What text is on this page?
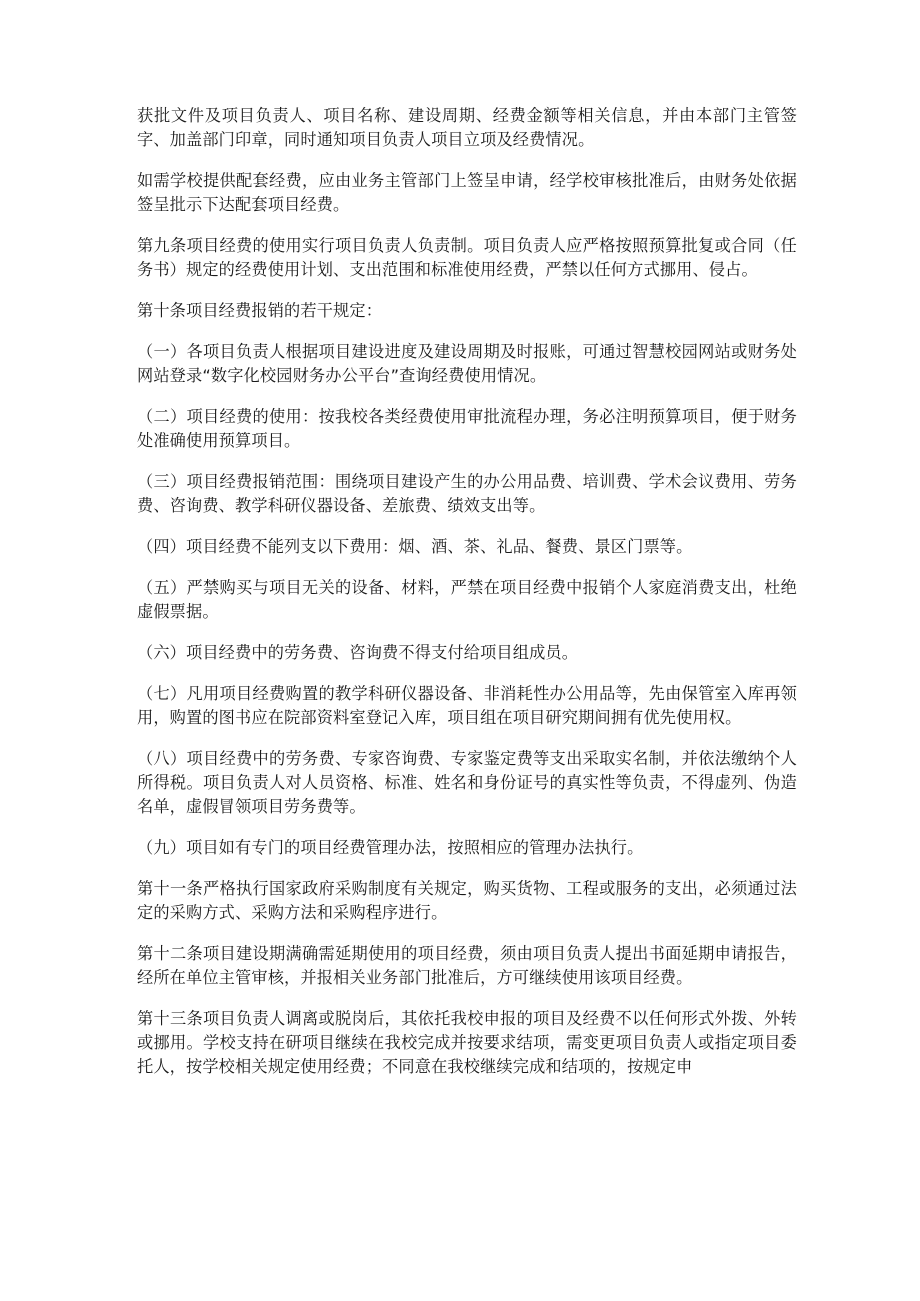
获批文件及项目负责人、项目名称、建设周期、经费金额等相关信息，并由本部门主管签字、加盖部门印章，同时通知项目负责人项目立项及经费情况。

如需学校提供配套经费，应由业务主管部门上签呈申请，经学校审核批准后，由财务处依据签呈批示下达配套项目经费。

第九条项目经费的使用实行项目负责人负责制。项目负责人应严格按照预算批复或合同（任务书）规定的经费使用计划、支出范围和标准使用经费，严禁以任何方式挪用、侵占。

第十条项目经费报销的若干规定：

（一）各项目负责人根据项目建设进度及建设周期及时报账，可通过智慧校园网站或财务处网站登录“数字化校园财务办公平台”查询经费使用情况。

（二）项目经费的使用：按我校各类经费使用审批流程办理，务必注明预算项目，便于财务处准确使用预算项目。

（三）项目经费报销范围：围绕项目建设产生的办公用品费、培训费、学术会议费用、劳务费、咨询费、教学科研仪器设备、差旅费、绩效支出等。

（四）项目经费不能列支以下费用：烟、酒、茶、礼品、餐费、景区门票等。

（五）严禁购买与项目无关的设备、材料，严禁在项目经费中报销个人家庭消费支出，杜绝虚假票据。

（六）项目经费中的劳务费、咨询费不得支付给项目组成员。

（七）凡用项目经费购置的教学科研仪器设备、非消耗性办公用品等，先由保管室入库再领用，购置的图书应在院部资料室登记入库，项目组在项目研究期间拥有优先使用权。

（八）项目经费中的劳务费、专家咨询费、专家鉴定费等支出采取实名制，并依法缴纳个人所得税。项目负责人对人员资格、标准、姓名和身份证号的真实性等负责，不得虚列、伪造名单，虚假冒领项目劳务费等。

（九）项目如有专门的项目经费管理办法，按照相应的管理办法执行。

第十一条严格执行国家政府采购制度有关规定，购买货物、工程或服务的支出，必须通过法定的采购方式、采购方法和采购程序进行。

第十二条项目建设期满确需延期使用的项目经费，须由项目负责人提出书面延期申请报告，经所在单位主管审核，并报相关业务部门批准后，方可继续使用该项目经费。

第十三条项目负责人调离或脱岗后，其依托我校申报的项目及经费不以任何形式外拨、外转或挪用。学校支持在研项目继续在我校完成并按要求结项，需变更项目负责人或指定项目委托人，按学校相关规定使用经费；不同意在我校继续完成和结项的，按规定申
